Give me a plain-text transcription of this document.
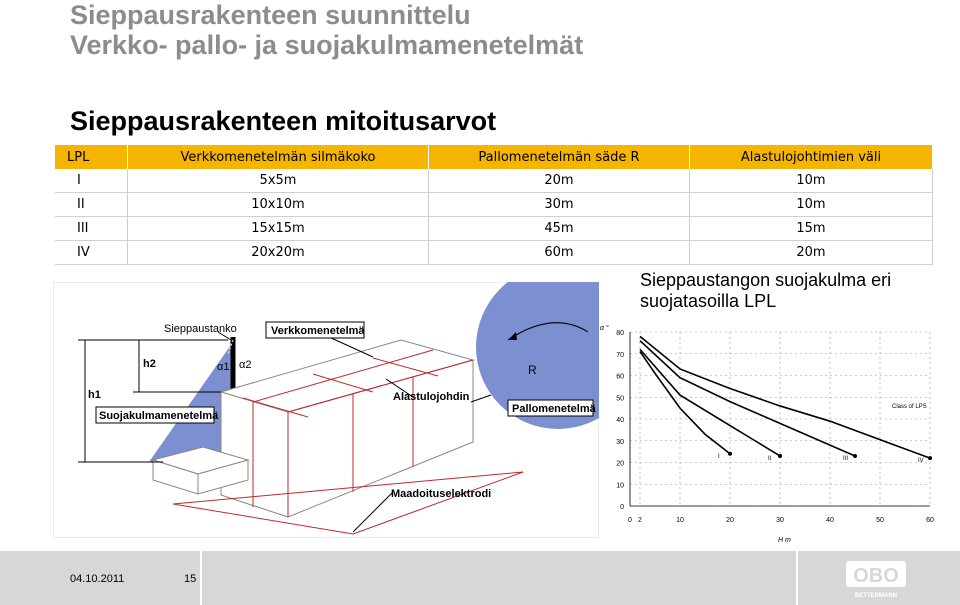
Sieppausrakenteen suunnittelu
Verkko- pallo- ja suojakulmamenetelmät
Sieppausrakenteen mitoitusarvot
LPL	Verkkomenetelmän silmäkoko	Pallomenetelmän säde R	Alastulojohtimien väli
I	5x5m	20m	10m
II	10x10m	30m	10m
III	15x15m	45m	15m
IV	20x20m	60m	20m
Sieppaustangon suojakulma eri
suojatasoilla LPL
Sieppaustanko	Verkkomenetelmä
Suojakulmamenetelmä
Alastulojohdin
Pallomenetelmä
Maadoituselektrodi
h1
h2	α1 α2	R
0
10
20
30
40
50
60
70
80
0 2	10	20	30	40	50	60
α °
H m
Class of LPS
I	II	III	IV
04.10.2011	15	OBO
BETTERMANN
